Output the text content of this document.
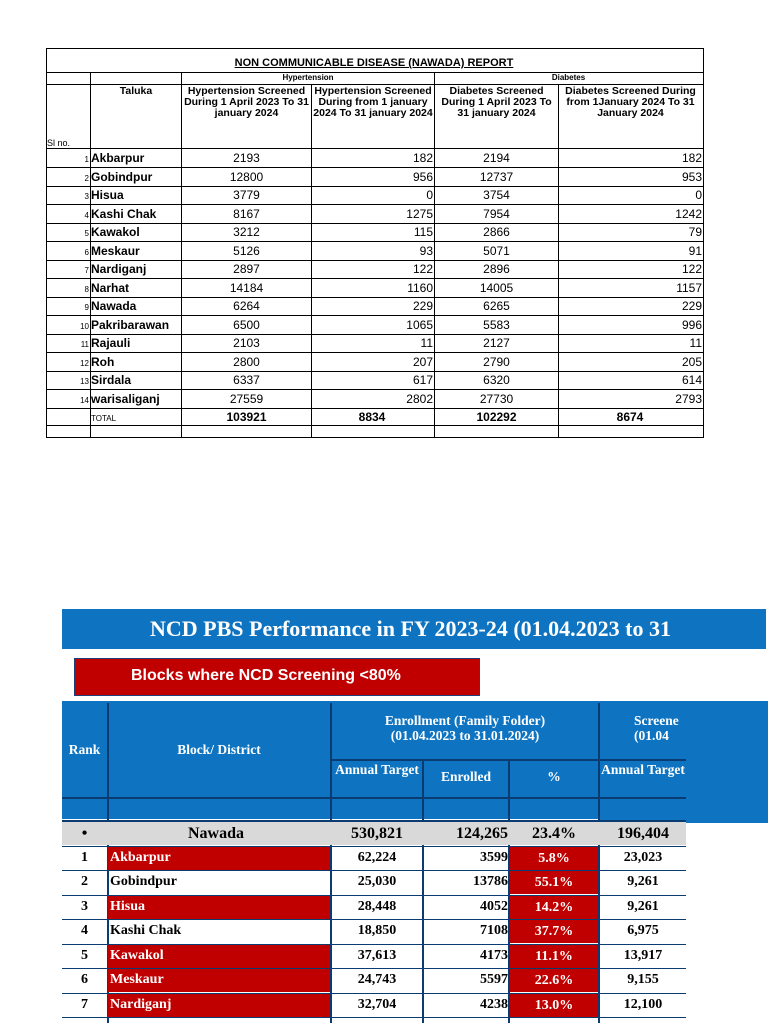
NON COMMUNICABLE DISEASE (NAWADA) REPORT
Hypertension	Diabetes
Taluka	Hypertension Screened During 1 April 2023 To 31 january 2024
Hypertension Screened During from 1 january 2024 To 31 january 2024
Diabetes Screened During 1 April 2023 To 31 january 2024
Diabetes Screened During from 1January 2024 To 31 January 2024
Sl no.
1 Akbarpur	2193	182	2194	182
2 Gobindpur	12800	956	12737	953
3 Hisua	3779	0	3754	0
4 Kashi Chak	8167	1275	7954	1242
5 Kawakol	3212	115	2866	79
6 Meskaur	5126	93	5071	91
7 Nardiganj	2897	122	2896	122
8 Narhat	14184	1160	14005	1157
9 Nawada	6264	229	6265	229
10 Pakribarawan	6500	1065	5583	996
11 Rajauli	2103	11	2127	11
12 Roh	2800	207	2790	205
13 Sirdala	6337	617	6320	614
14 warisaliganj	27559	2802	27730	2793
TOTAL	103921	8834	102292	8674
NCD PBS Performance in FY 2023-24 (01.04.2023 to 31
Blocks where NCD Screening <80%
Rank	Block/ District
Enrollment (Family Folder)
(01.04.2023 to 31.01.2024)
Screene
(01.04
Annual Target	Enrolled	%	Annual Target
•	Nawada	530,821	124,265	23.4%	196,404
1	Akbarpur	62,224	3599	5.8%	23,023
2	Gobindpur	25,030	13786	55.1%	9,261
3	Hisua	28,448	4052	14.2%	9,261
4	Kashi Chak	18,850	7108	37.7%	6,975
5	Kawakol	37,613	4173	11.1%	13,917
6	Meskaur	24,743	5597	22.6%	9,155
7	Nardiganj	32,704	4238	13.0%	12,100
